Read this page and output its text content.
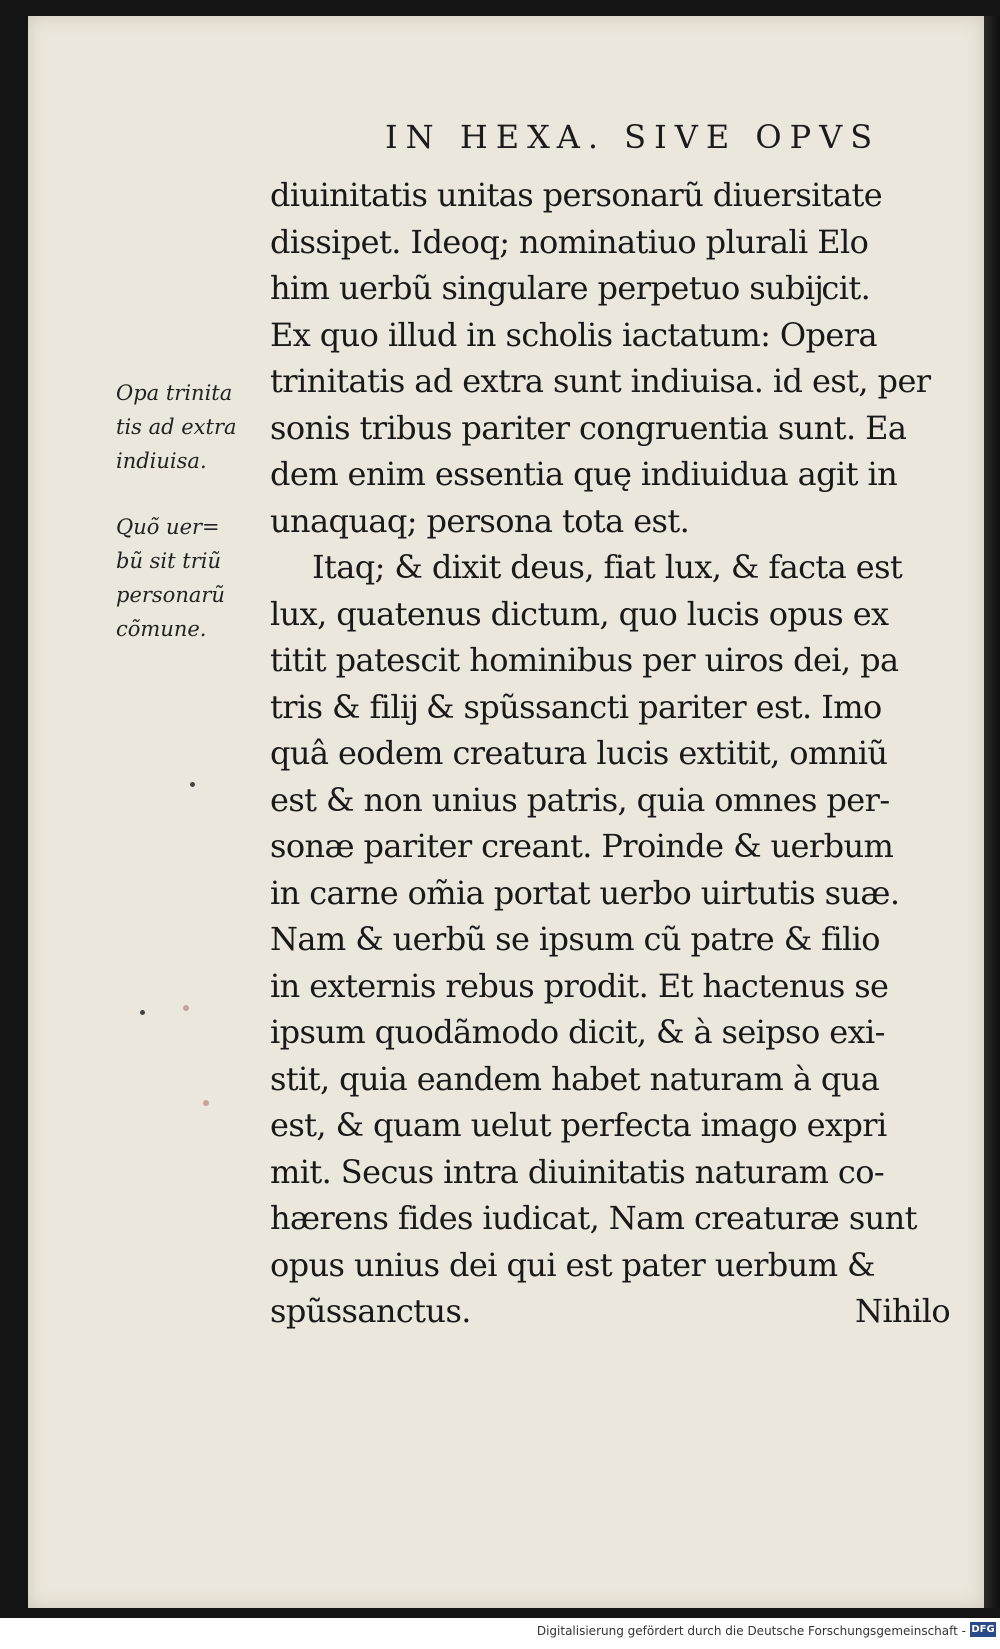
IN HEXA. SIVE OPVS
diuinitatis unitas personarũ diuersitate
dissipet. Ideoq; nominatiuo plurali Elo
him uerbũ singulare perpetuo subĳcit.
Ex quo illud in scholis iactatum: Opera
trinitatis ad extra sunt indiuisa. id est, per
sonis tribus pariter congruentia sunt. Ea
dem enim essentia quę indiuidua agit in
unaquaq; persona tota est.
Itaq; & dixit deus, fiat lux, & facta est
lux, quatenus dictum, quo lucis opus ex
titit patescit hominibus per uiros dei, pa
tris & filĳ & spũssancti pariter est. Imo
quâ eodem creatura lucis extitit, omniũ
est & non unius patris, quia omnes per-
sonæ pariter creant. Proinde & uerbum
in carne om̃ia portat uerbo uirtutis suæ.
Nam & uerbũ se ipsum cũ patre & filio
in externis rebus prodit. Et hactenus se
ipsum quodãmodo dicit, & à seipso exi-
stit, quia eandem habet naturam à qua
est, & quam uelut perfecta imago expri
mit. Secus intra diuinitatis naturam co-
hærens fides iudicat, Nam creaturæ sunt
opus unius dei qui est pater uerbum &
spũssanctus.	Nihilo
Opa trinita
tis ad extra
indiuisa.
Quõ uer=
bũ sit triũ
personarũ
cõmune.
Digitalisierung gefördert durch die Deutsche Forschungsgemeinschaft - DFG
